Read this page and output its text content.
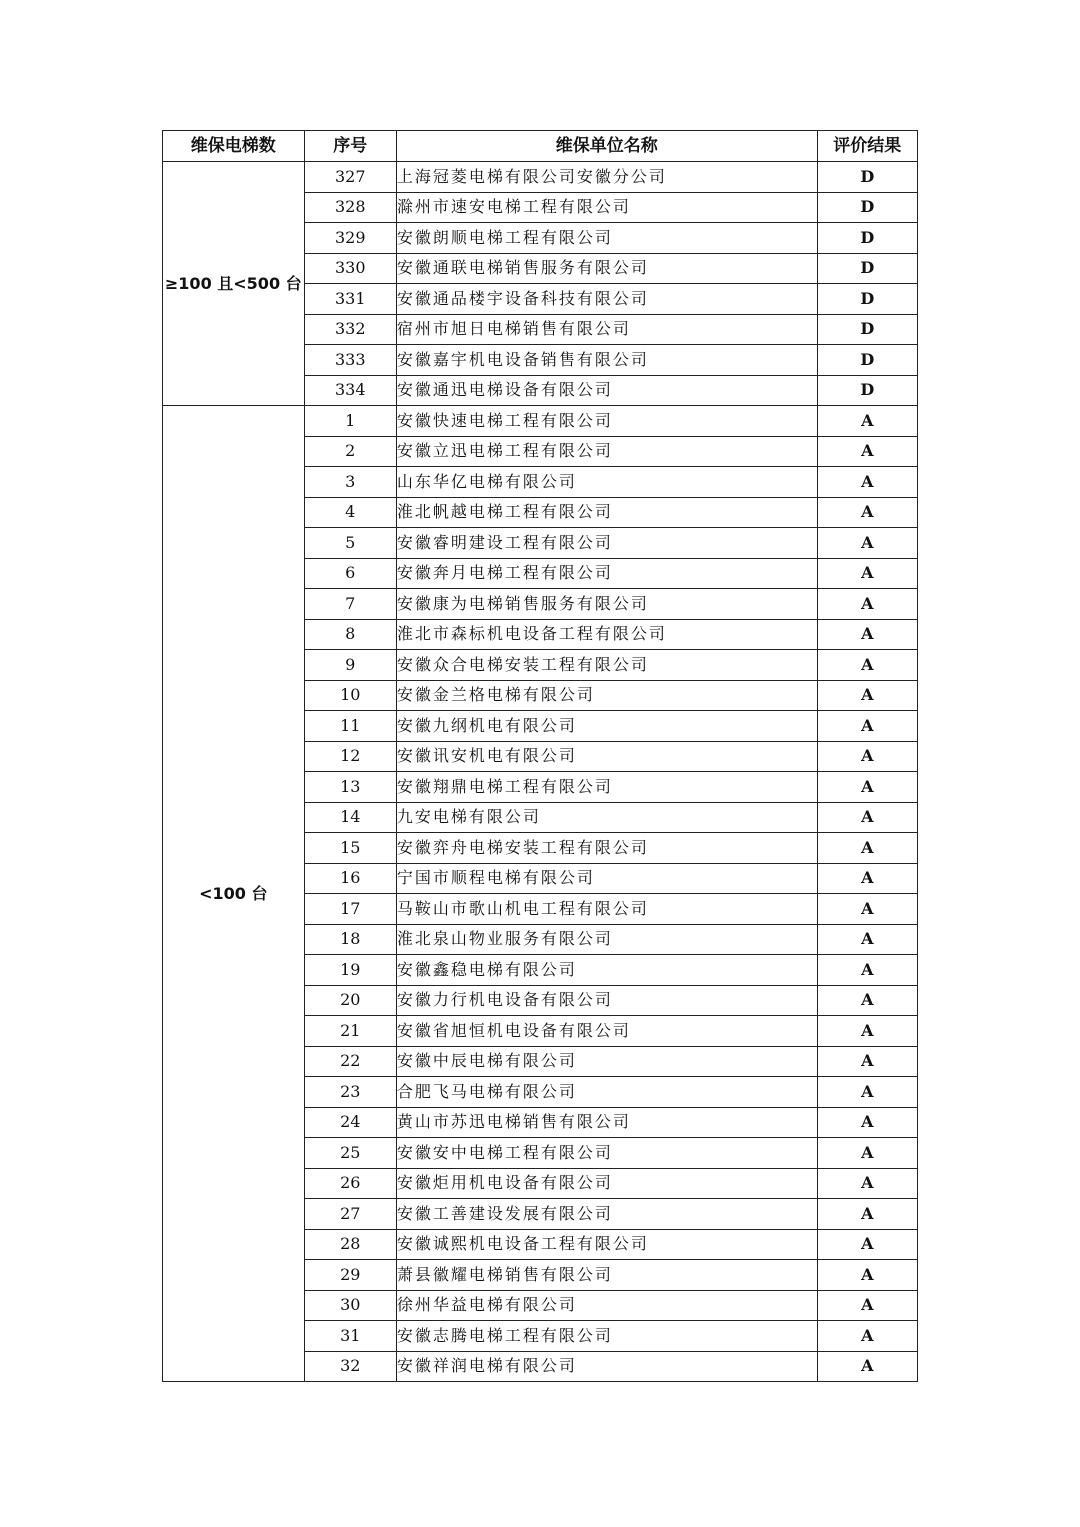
维保电梯数	序号	维保单位名称	评价结果
≥100 且<500 台	327	上海冠菱电梯有限公司安徽分公司	D
	328	滁州市速安电梯工程有限公司	D
	329	安徽朗顺电梯工程有限公司	D
	330	安徽通联电梯销售服务有限公司	D
	331	安徽通品楼宇设备科技有限公司	D
	332	宿州市旭日电梯销售有限公司	D
	333	安徽嘉宇机电设备销售有限公司	D
	334	安徽通迅电梯设备有限公司	D
<100 台	1	安徽快速电梯工程有限公司	A
	2	安徽立迅电梯工程有限公司	A
	3	山东华亿电梯有限公司	A
	4	淮北帆越电梯工程有限公司	A
	5	安徽睿明建设工程有限公司	A
	6	安徽奔月电梯工程有限公司	A
	7	安徽康为电梯销售服务有限公司	A
	8	淮北市森标机电设备工程有限公司	A
	9	安徽众合电梯安装工程有限公司	A
	10	安徽金兰格电梯有限公司	A
	11	安徽九纲机电有限公司	A
	12	安徽讯安机电有限公司	A
	13	安徽翔鼎电梯工程有限公司	A
	14	九安电梯有限公司	A
	15	安徽弈舟电梯安装工程有限公司	A
	16	宁国市顺程电梯有限公司	A
	17	马鞍山市歌山机电工程有限公司	A
	18	淮北泉山物业服务有限公司	A
	19	安徽鑫稳电梯有限公司	A
	20	安徽力行机电设备有限公司	A
	21	安徽省旭恒机电设备有限公司	A
	22	安徽中辰电梯有限公司	A
	23	合肥飞马电梯有限公司	A
	24	黄山市苏迅电梯销售有限公司	A
	25	安徽安中电梯工程有限公司	A
	26	安徽炬用机电设备有限公司	A
	27	安徽工善建设发展有限公司	A
	28	安徽诚熙机电设备工程有限公司	A
	29	萧县徽耀电梯销售有限公司	A
	30	徐州华益电梯有限公司	A
	31	安徽志腾电梯工程有限公司	A
	32	安徽祥润电梯有限公司	A
